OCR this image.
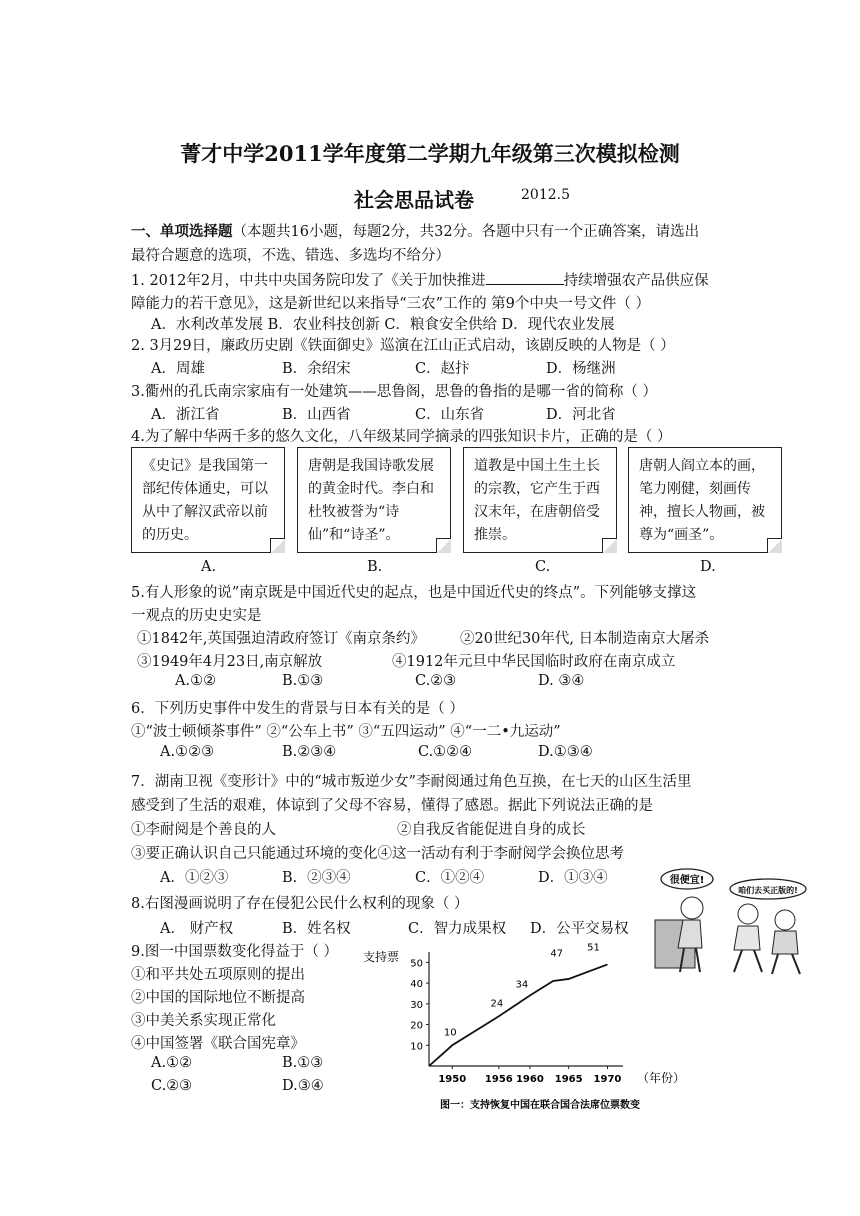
菁才中学2011学年度第二学期九年级第三次模拟检测
社会思品试卷	2012.5
一、单项选择题（本题共16小题，每题2分，共32分。各题中只有一个正确答案，请选出
最符合题意的选项，不选、错选、多选均不给分）
1. 2012年2月，中共中央国务院印发了《关于加快推进	持续增强农产品供应保
障能力的若干意见》，这是新世纪以来指导“三农”工作的 第9个中央一号文件（ ）
A．水利改革发展 B．农业科技创新 C．粮食安全供给 D．现代农业发展
2. 3月29日，廉政历史剧《铁面御史》巡演在江山正式启动，该剧反映的人物是（ ）
A．周雄	B．余绍宋	C．赵抃	D．杨继洲
3.衢州的孔氏南宗家庙有一处建筑——思鲁阁，思鲁的鲁指的是哪一省的简称（ ）
A．浙江省	B．山西省	C．山东省	D．河北省
4.为了解中华两千多的悠久文化，八年级某同学摘录的四张知识卡片，正确的是（ ）
《史记》是我国第一部纪传体通史，可以从中了解汉武帝以前的历史。
唐朝是我国诗歌发展的黄金时代。李白和杜牧被誉为“诗仙”和“诗圣”。
道教是中国土生土长的宗教，它产生于西汉末年，在唐朝倍受推崇。
唐朝人阎立本的画，笔力刚健，刻画传神，擅长人物画，被尊为“画圣”。
A.	B.	C.	D.
5.有人形象的说”南京既是中国近代史的起点，也是中国近代史的终点”。下列能够支撑这
一观点的历史史实是
①1842年,英国强迫清政府签订《南京条约》 ②20世纪30年代, 日本制造南京大屠杀
③1949年4月23日,南京解放	④1912年元旦中华民国临时政府在南京成立
A.①②	B.①③	C.②③	D. ③④
6．下列历史事件中发生的背景与日本有关的是（ ）
①“波士顿倾茶事件” ②“公车上书” ③“五四运动” ④“一二•九运动”
A.①②③	B.②③④	C.①②④	D.①③④
7．湖南卫视《变形计》中的“城市叛逆少女”李耐阅通过角色互换，在七天的山区生活里
感受到了生活的艰难，体谅到了父母不容易，懂得了感恩。据此下列说法正确的是
①李耐阅是个善良的人	②自我反省能促进自身的成长
③要正确认识自己只能通过环境的变化④这一活动有利于李耐阅学会换位思考
A．①②③	B．②③④	C．①②④	D．①③④
8.右图漫画说明了存在侵犯公民什么权利的现象（ ）
A． 财产权	B．姓名权	C．智力成果权 D．公平交易权
很便宜!
咱们去买正版的!
9.图一中国票数变化得益于（ ）
①和平共处五项原则的提出
②中国的国际地位不断提高
③中美关系实现正常化
④中国签署《联合国宪章》
A.①②	B.①③
C.②③	D.③④
支持票
（年份）
10
20
30
40
50
1950 1956 1960 1965 1970
10
24
34
47
51
图一：支持恢复中国在联合国合法席位票数变
